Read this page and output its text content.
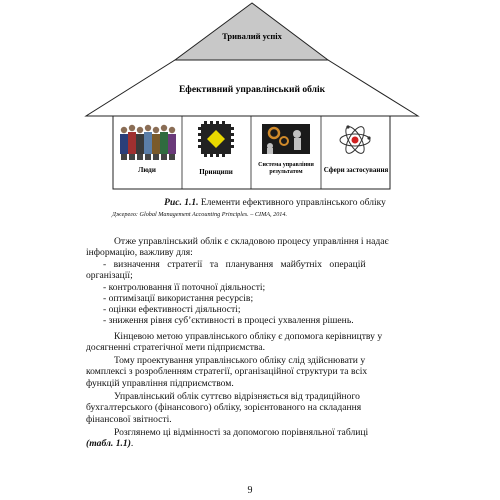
Тривалий успіх
Ефективний управлінський облік
Люди	Принципи
Система управління
результатом	Сфери застосування
Рис. 1.1. Елементи ефективного управлінського обліку
Джерело: Global Management Accounting Principles. – CIMA, 2014.
Отже управлінський облік є складовою процесу управління і надає
інформацію, важливу для:
- визначення стратегії та планування майбутніх операцій
організації;
- контролювання її поточної діяльності;
- оптимізації використання ресурсів;
- оцінки ефективності діяльності;
- зниження рівня суб’єктивності в процесі ухвалення рішень.
Кінцевою метою управлінського обліку є допомога керівництву у
досягненні стратегічної мети підприємства.
Тому проектування управлінського обліку слід здійснювати у
комплексі з розробленням стратегії, організаційної структури та всіх
функцій управління підприємством.
Управлінський облік суттєво відрізняється від традиційного
бухгалтерського (фінансового) обліку, зорієнтованого на складання
фінансової звітності.
Розглянемо ці відмінності за допомогою порівняльної таблиці
(табл. 1.1).
9
